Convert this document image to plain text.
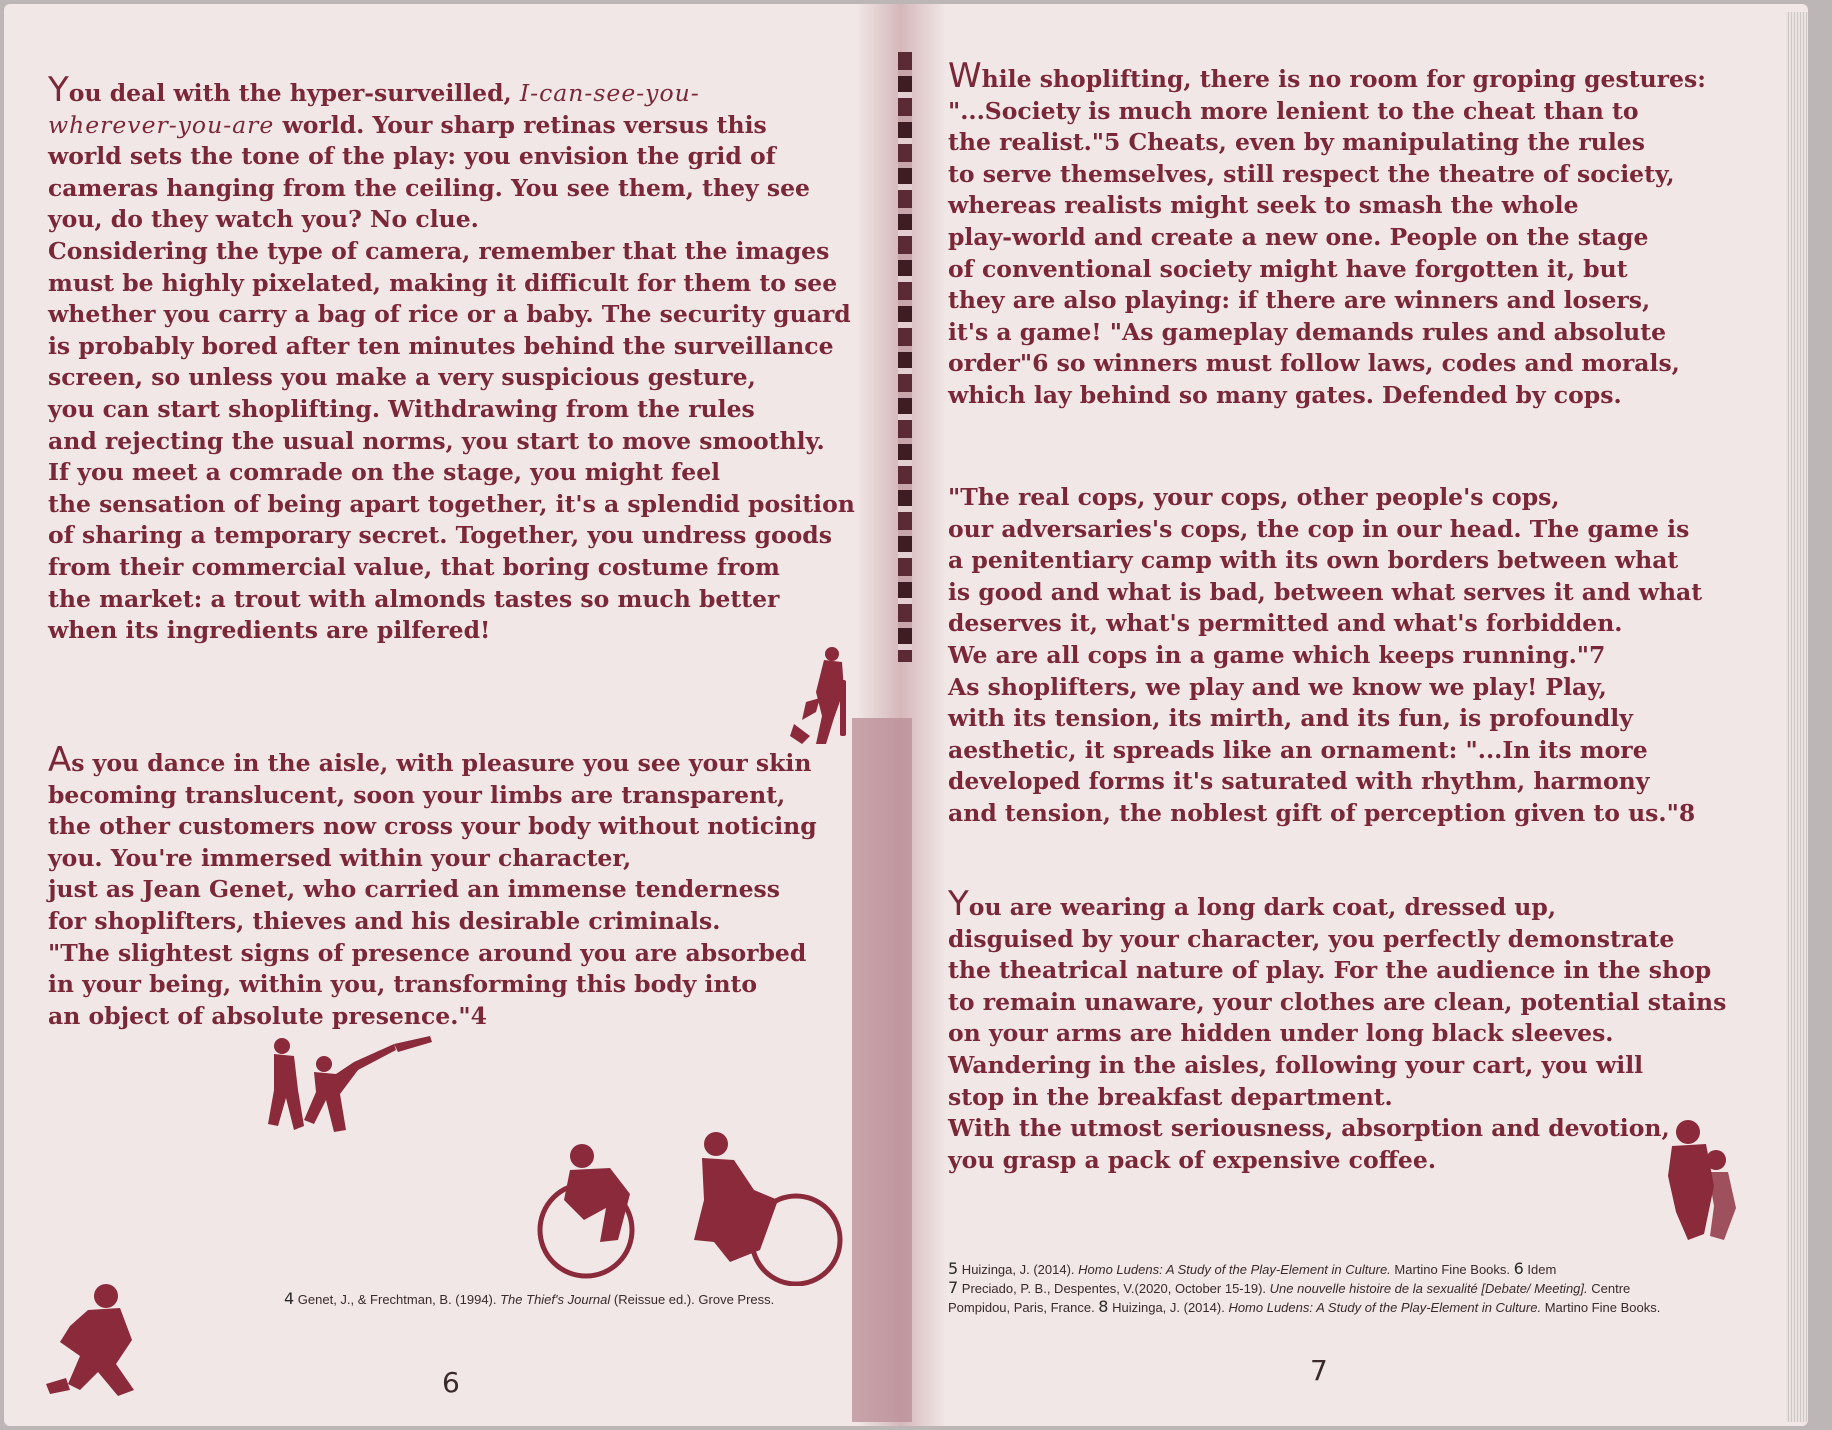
You deal with the hyper-surveilled, I-can-see-you-
wherever-you-are world. Your sharp retinas versus this
world sets the tone of the play: you envision the grid of
cameras hanging from the ceiling. You see them, they see
you, do they watch you? No clue.
Considering the type of camera, remember that the images
must be highly pixelated, making it difficult for them to see
whether you carry a bag of rice or a baby. The security guard
is probably bored after ten minutes behind the surveillance
screen, so unless you make a very suspicious gesture,
you can start shoplifting. Withdrawing from the rules
and rejecting the usual norms, you start to move smoothly.
If you meet a comrade on the stage, you might feel
the sensation of being apart together, it's a splendid position
of sharing a temporary secret. Together, you undress goods
from their commercial value, that boring costume from
the market: a trout with almonds tastes so much better
when its ingredients are pilfered!

As you dance in the aisle, with pleasure you see your skin
becoming translucent, soon your limbs are transparent,
the other customers now cross your body without noticing
you. You're immersed within your character,
just as Jean Genet, who carried an immense tenderness
for shoplifters, thieves and his desirable criminals.
"The slightest signs of presence around you are absorbed
in your being, within you, transforming this body into
an object of absolute presence."4

4 Genet, J., & Frechtman, B. (1994). The Thief's Journal (Reissue ed.). Grove Press.

6

While shoplifting, there is no room for groping gestures:
"...Society is much more lenient to the cheat than to
the realist."5 Cheats, even by manipulating the rules
to serve themselves, still respect the theatre of society,
whereas realists might seek to smash the whole
play-world and create a new one. People on the stage
of conventional society might have forgotten it, but
they are also playing: if there are winners and losers,
it's a game! "As gameplay demands rules and absolute
order"6 so winners must follow laws, codes and morals,
which lay behind so many gates. Defended by cops.

"The real cops, your cops, other people's cops,
our adversaries's cops, the cop in our head. The game is
a penitentiary camp with its own borders between what
is good and what is bad, between what serves it and what
deserves it, what's permitted and what's forbidden.
We are all cops in a game which keeps running."7
As shoplifters, we play and we know we play! Play,
with its tension, its mirth, and its fun, is profoundly
aesthetic, it spreads like an ornament: "...In its more
developed forms it's saturated with rhythm, harmony
and tension, the noblest gift of perception given to us."8

You are wearing a long dark coat, dressed up,
disguised by your character, you perfectly demonstrate
the theatrical nature of play. For the audience in the shop
to remain unaware, your clothes are clean, potential stains
on your arms are hidden under long black sleeves.
Wandering in the aisles, following your cart, you will
stop in the breakfast department.
With the utmost seriousness, absorption and devotion,
you grasp a pack of expensive coffee.

5 Huizinga, J. (2014). Homo Ludens: A Study of the Play-Element in Culture. Martino Fine Books. 6 Idem
7 Preciado, P. B., Despentes, V.(2020, October 15-19). Une nouvelle histoire de la sexualité [Debate/ Meeting]. Centre Pompidou, Paris, France. 8 Huizinga, J. (2014). Homo Ludens: A Study of the Play-Element in Culture. Martino Fine Books.

7
